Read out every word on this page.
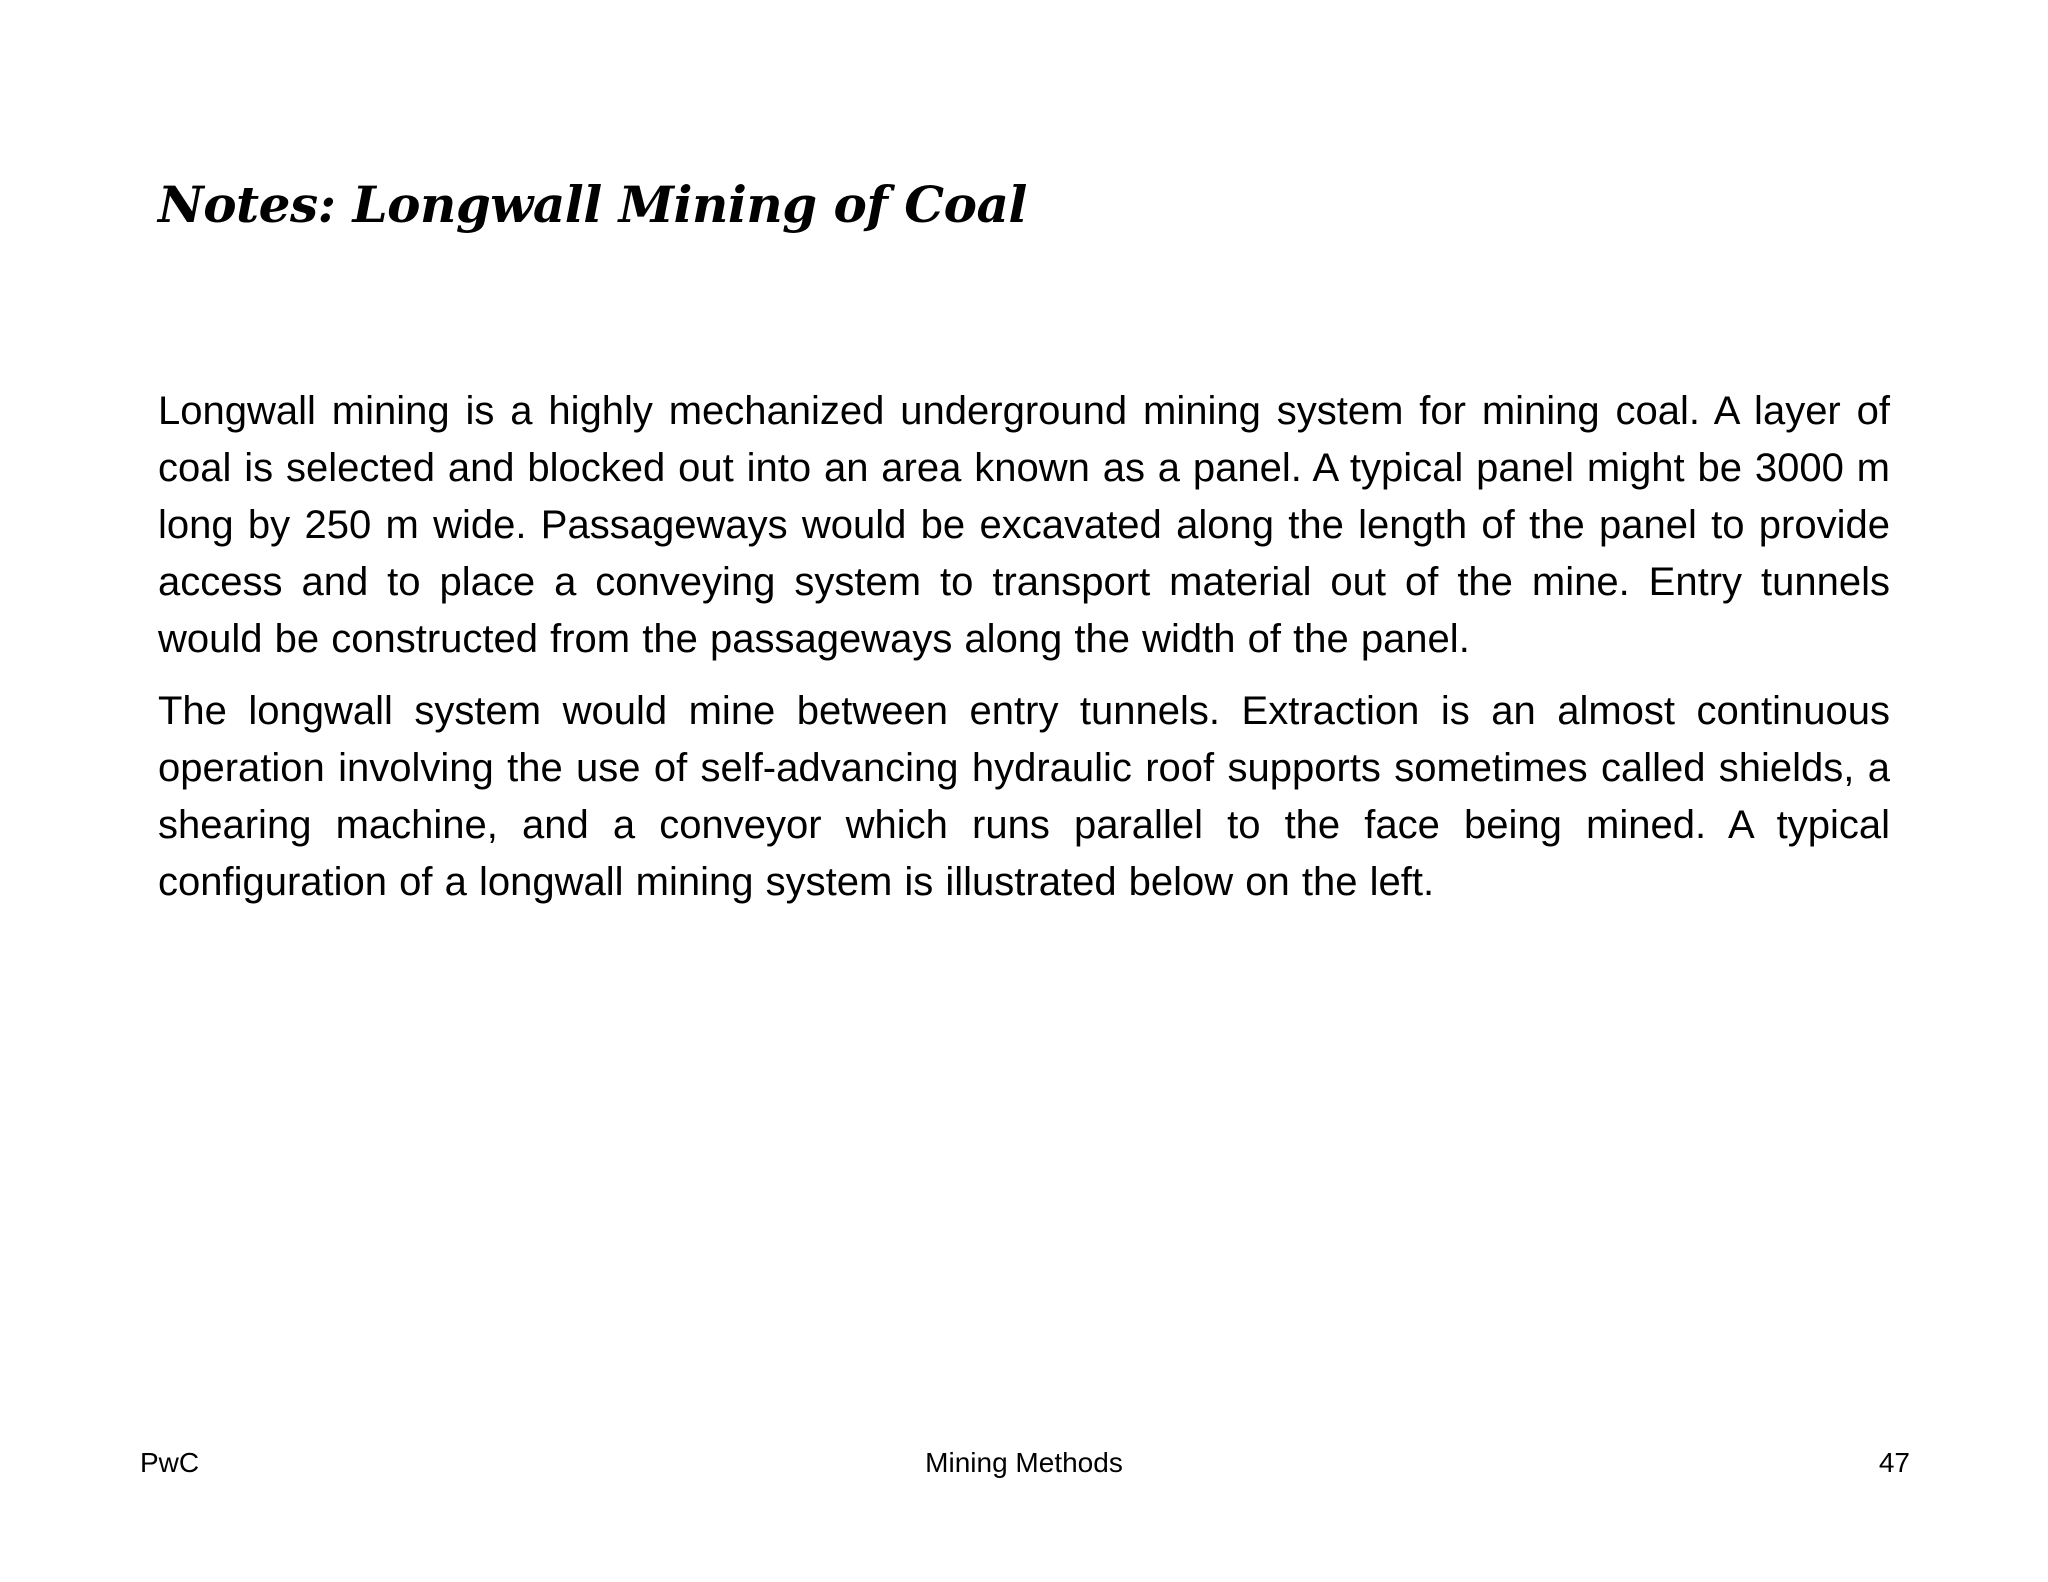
Notes: Longwall Mining of Coal

Longwall mining is a highly mechanized underground mining system for mining coal. A layer of coal is selected and blocked out into an area known as a panel. A typical panel might be 3000 m long by 250 m wide. Passageways would be excavated along the length of the panel to provide access and to place a conveying system to transport material out of the mine. Entry tunnels would be constructed from the passageways along the width of the panel.

The longwall system would mine between entry tunnels. Extraction is an almost continuous operation involving the use of self-advancing hydraulic roof supports sometimes called shields, a shearing machine, and a conveyor which runs parallel to the face being mined. A typical configuration of a longwall mining system is illustrated below on the left.

PwC	Mining Methods	47
